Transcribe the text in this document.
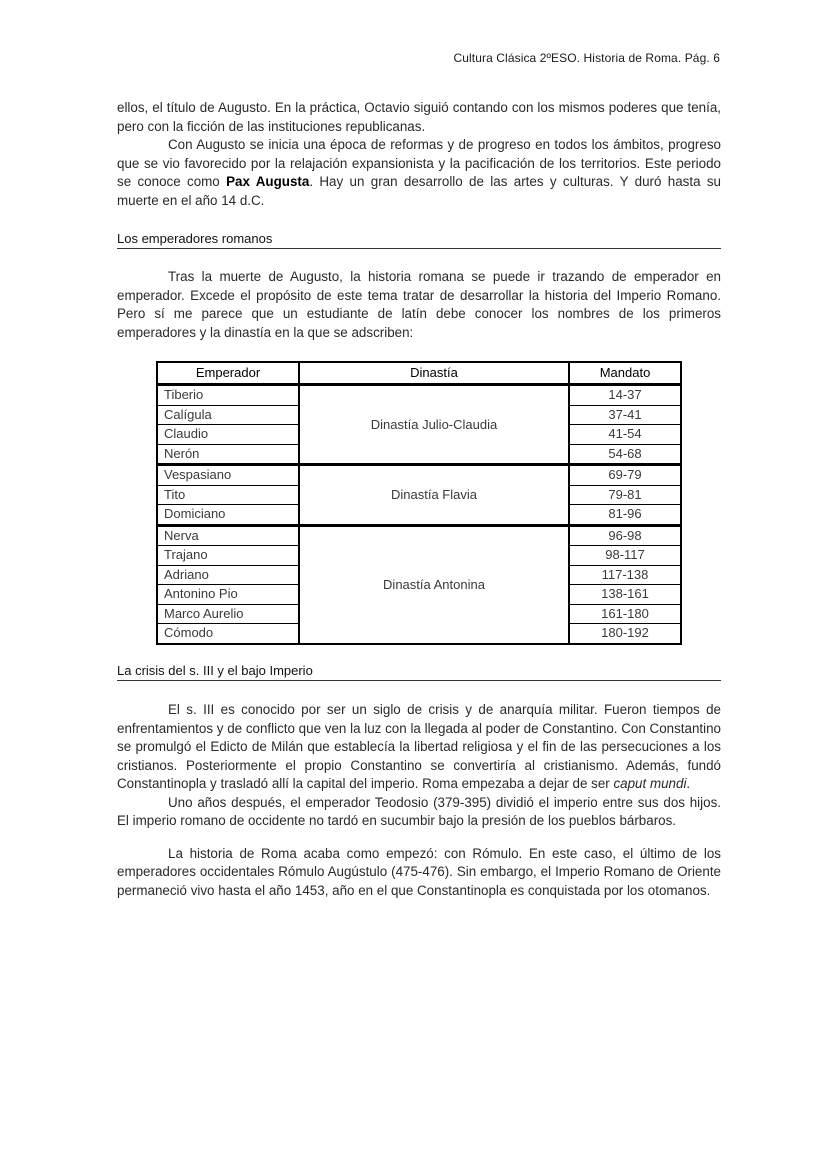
Cultura Clásica 2ºESO. Historia de Roma. Pág. 6

ellos, el título de Augusto. En la práctica, Octavio siguió contando con los mismos poderes que tenía, pero con la ficción de las instituciones republicanas.

Con Augusto se inicia una época de reformas y de progreso en todos los ámbitos, progreso que se vio favorecido por la relajación expansionista y la pacificación de los territorios. Este periodo se conoce como Pax Augusta. Hay un gran desarrollo de las artes y culturas. Y duró hasta su muerte en el año 14 d.C.

Los emperadores romanos

Tras la muerte de Augusto, la historia romana se puede ir trazando de emperador en emperador. Excede el propósito de este tema tratar de desarrollar la historia del Imperio Romano. Pero sí me parece que un estudiante de latín debe conocer los nombres de los primeros emperadores y la dinastía en la que se adscriben:

Emperador	Dinastía	Mandato
Tiberio	Dinastía Julio-Claudia	14-37
Calígula		37-41
Claudio		41-54
Nerón		54-68
Vespasiano	Dinastía Flavia	69-79
Tito		79-81
Domiciano		81-96
Nerva	Dinastía Antonina	96-98
Trajano		98-117
Adriano		117-138
Antonino Pio		138-161
Marco Aurelio		161-180
Cómodo		180-192
La crisis del s. III y el bajo Imperio

El s. III es conocido por ser un siglo de crisis y de anarquía militar. Fueron tiempos de enfrentamientos y de conflicto que ven la luz con la llegada al poder de Constantino. Con Constantino se promulgó el Edicto de Milán que establecía la libertad religiosa y el fin de las persecuciones a los cristianos. Posteriormente el propio Constantino se convertiría al cristianismo. Además, fundó Constantinopla y trasladó allí la capital del imperio. Roma empezaba a dejar de ser caput mundi.

Uno años después, el emperador Teodosio (379-395) dividió el imperio entre sus dos hijos. El imperio romano de occidente no tardó en sucumbir bajo la presión de los pueblos bárbaros.

La historia de Roma acaba como empezó: con Rómulo. En este caso, el último de los emperadores occidentales Rómulo Augústulo (475-476). Sin embargo, el Imperio Romano de Oriente permaneció vivo hasta el año 1453, año en el que Constantinopla es conquistada por los otomanos.
